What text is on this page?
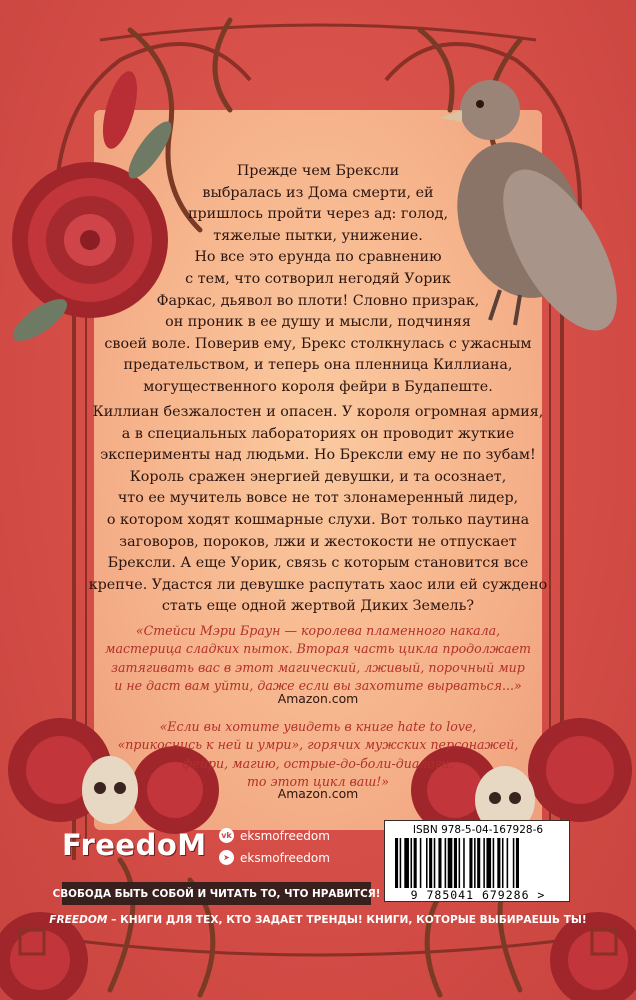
Прежде чем Брексли
выбралась из Дома смерти, ей
пришлось пройти через ад: голод,
тяжелые пытки, унижение.
Но все это ерунда по сравнению
с тем, что сотворил негодяй Уорик
Фаркас, дьявол во плоти! Словно призрак,
он проник в ее душу и мысли, подчиняя
своей воле. Поверив ему, Брекс столкнулась с ужасным
предательством, и теперь она пленница Киллиана,
могущественного короля фейри в Будапеште.
Киллиан безжалостен и опасен. У короля огромная армия,
а в специальных лабораториях он проводит жуткие
эксперименты над людьми. Но Брексли ему не по зубам!
Король сражен энергией девушки, и та осознает,
что ее мучитель вовсе не тот злонамеренный лидер,
о котором ходят кошмарные слухи. Вот только паутина
заговоров, пороков, лжи и жестокости не отпускает
Брексли. А еще Уорик, связь с которым становится все
крепче. Удастся ли девушке распутать хаос или ей суждено
стать еще одной жертвой Диких Земель?
«Стейси Мэри Браун — королева пламенного накала,
мастерица сладких пыток. Вторая часть цикла продолжает
затягивать вас в этот магический, лживый, порочный мир
и не даст вам уйти, даже если вы захотите вырваться...»
Amazon.com
«Если вы хотите увидеть в книге hate to love,
«прикоснись к ней и умри», горячих мужских персонажей,
фейри, магию, острые-до-боли-диалоги,
то этот цикл ваш!»
Amazon.com
FreedoM vk eksmofreedom
➤ eksmofreedom
СВОБОДА БЫТЬ СОБОЙ И ЧИТАТЬ ТО, ЧТО НРАВИТСЯ!
FREEDOM – КНИГИ ДЛЯ ТЕХ, КТО ЗАДАЕТ ТРЕНДЫ! КНИГИ, КОТОРЫЕ ВЫБИРАЕШЬ ТЫ!
ISBN 978-5-04-167928-6
9 785041 679286 >
